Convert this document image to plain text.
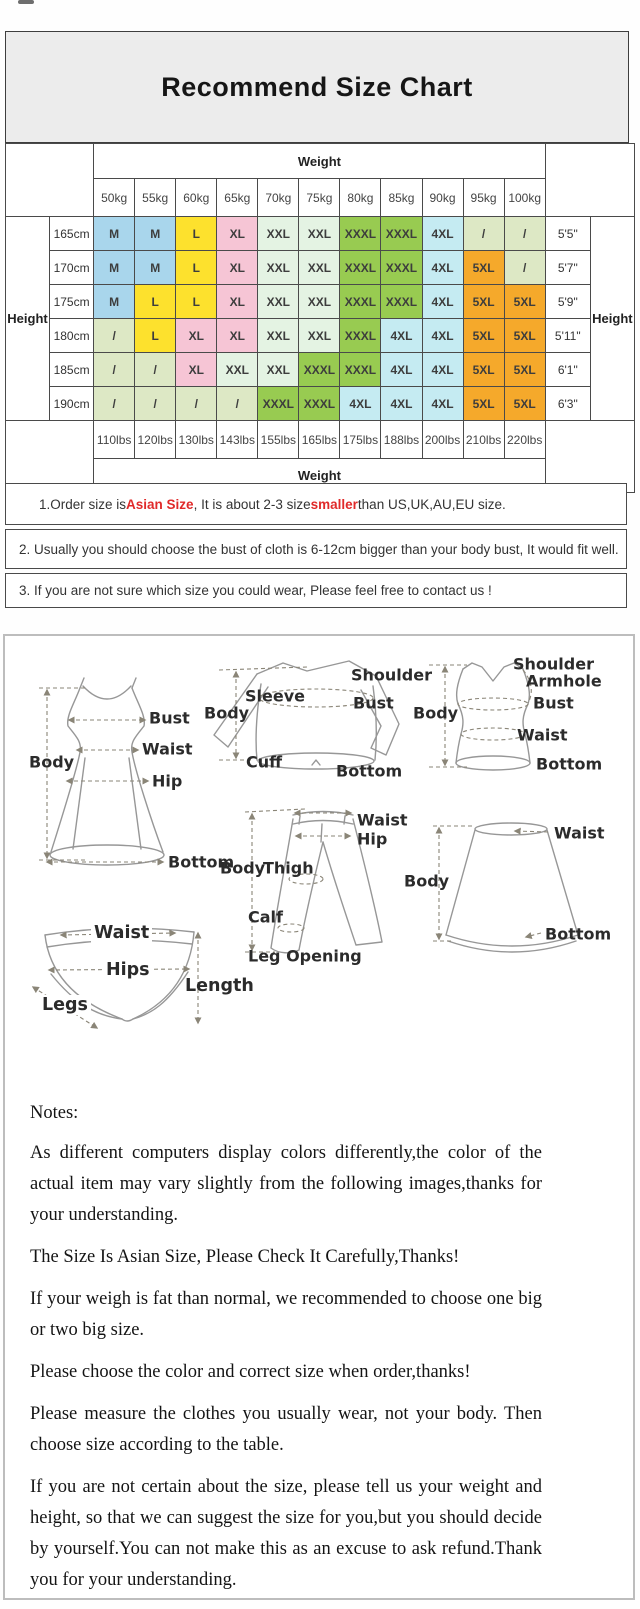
Recommend Size Chart
		Weight												
		50kg	55kg	60kg	65kg	70kg	75kg	80kg	85kg	90kg	95kg	100kg		
Height	165cm	M	M	L	XL	XXL	XXL	XXXL	XXXL	4XL	/	/	5'5"	Height
	170cm	M	M	L	XL	XXL	XXL	XXXL	XXXL	4XL	5XL	/	5'7"	
	175cm	M	L	L	XL	XXL	XXL	XXXL	XXXL	4XL	5XL	5XL	5'9"	
	180cm	/	L	XL	XL	XXL	XXL	XXXL	4XL	4XL	5XL	5XL	5'11"	
	185cm	/	/	XL	XXL	XXL	XXXL	XXXL	4XL	4XL	5XL	5XL	6'1"	
	190cm	/	/	/	/	XXXL	XXXL	4XL	4XL	4XL	5XL	5XL	6'3"	
		110lbs	120lbs	130lbs	143lbs	155lbs	165lbs	175lbs	188lbs	200lbs	210lbs	220lbs		
		Weight												
1.Order size is Asian Size , It is about 2-3 size smaller than US,UK,AU,EU size.
2. Usually you should choose the bust of cloth is 6-12cm bigger than your body bust, It would fit well.
3. If you are not sure which size you could wear, Please feel free to contact us !
Body
Bust
Waist
Hip
Bottom
Sleeve
Body
Cuff
Shoulder
Bust
Bottom
Shoulder
Armhole
Body
Bust
Waist
Bottom
Waist
Hip
Body
Thigh
Calf
Leg Opening
Waist
Body
Bottom
Waist
Hips
Legs
Length
Notes:

As different computers display colors differently,the color of the actual item may vary slightly from the following images,thanks for your understanding.

The Size Is Asian Size, Please Check It Carefully,Thanks!

If your weigh is fat than normal, we recommended to choose one big or two big size.

Please choose the color and correct size when order,thanks!

Please measure the clothes you usually wear, not your body. Then choose size according to the table.

If you are not certain about the size, please tell us your weight and height, so that we can suggest the size for you,but you should decide by yourself.You can not make this as an excuse to ask refund.Thank you for your understanding.
